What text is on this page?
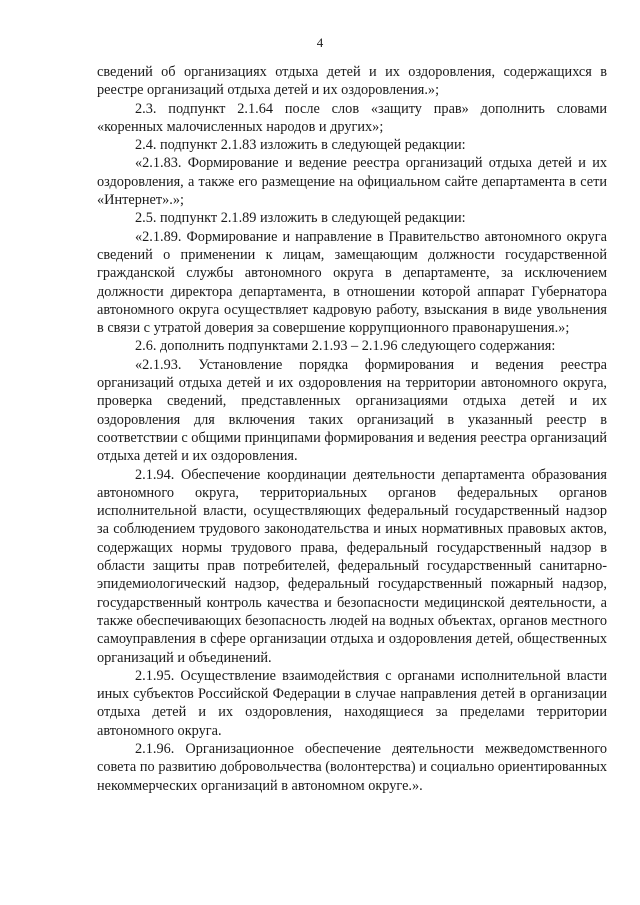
4

сведений об организациях отдыха детей и их оздоровления, содержащихся в реестре организаций отдыха детей и их оздоровления.»;

2.3. подпункт 2.1.64 после слов «защиту прав» дополнить словами «коренных малочисленных народов и других»;

2.4. подпункт 2.1.83 изложить в следующей редакции:

«2.1.83. Формирование и ведение реестра организаций отдыха детей и их оздоровления, а также его размещение на официальном сайте департамента в сети «Интернет».»;

2.5. подпункт 2.1.89 изложить в следующей редакции:

«2.1.89. Формирование и направление в Правительство автономного округа сведений о применении к лицам, замещающим должности государственной гражданской службы автономного округа в департаменте, за исключением должности директора департамента, в отношении которой аппарат Губернатора автономного округа осуществляет кадровую работу, взыскания в виде увольнения в связи с утратой доверия за совершение коррупционного правонарушения.»;

2.6. дополнить подпунктами 2.1.93 – 2.1.96 следующего содержания:

«2.1.93. Установление порядка формирования и ведения реестра организаций отдыха детей и их оздоровления на территории автономного округа, проверка сведений, представленных организациями отдыха детей и их оздоровления для включения таких организаций в указанный реестр в соответствии с общими принципами формирования и ведения реестра организаций отдыха детей и их оздоровления.

2.1.94. Обеспечение координации деятельности департамента образования автономного округа, территориальных органов федеральных органов исполнительной власти, осуществляющих федеральный государственный надзор за соблюдением трудового законодательства и иных нормативных правовых актов, содержащих нормы трудового права, федеральный государственный надзор в области защиты прав потребителей, федеральный государственный санитарно-эпидемиологический надзор, федеральный государственный пожарный надзор, государственный контроль качества и безопасности медицинской деятельности, а также обеспечивающих безопасность людей на водных объектах, органов местного самоуправления в сфере организации отдыха и оздоровления детей, общественных организаций и объединений.

2.1.95. Осуществление взаимодействия с органами исполнительной власти иных субъектов Российской Федерации в случае направления детей в организации отдыха детей и их оздоровления, находящиеся за пределами территории автономного округа.

2.1.96. Организационное обеспечение деятельности межведомственного совета по развитию добровольчества (волонтерства) и социально ориентированных некоммерческих организаций в автономном округе.».
